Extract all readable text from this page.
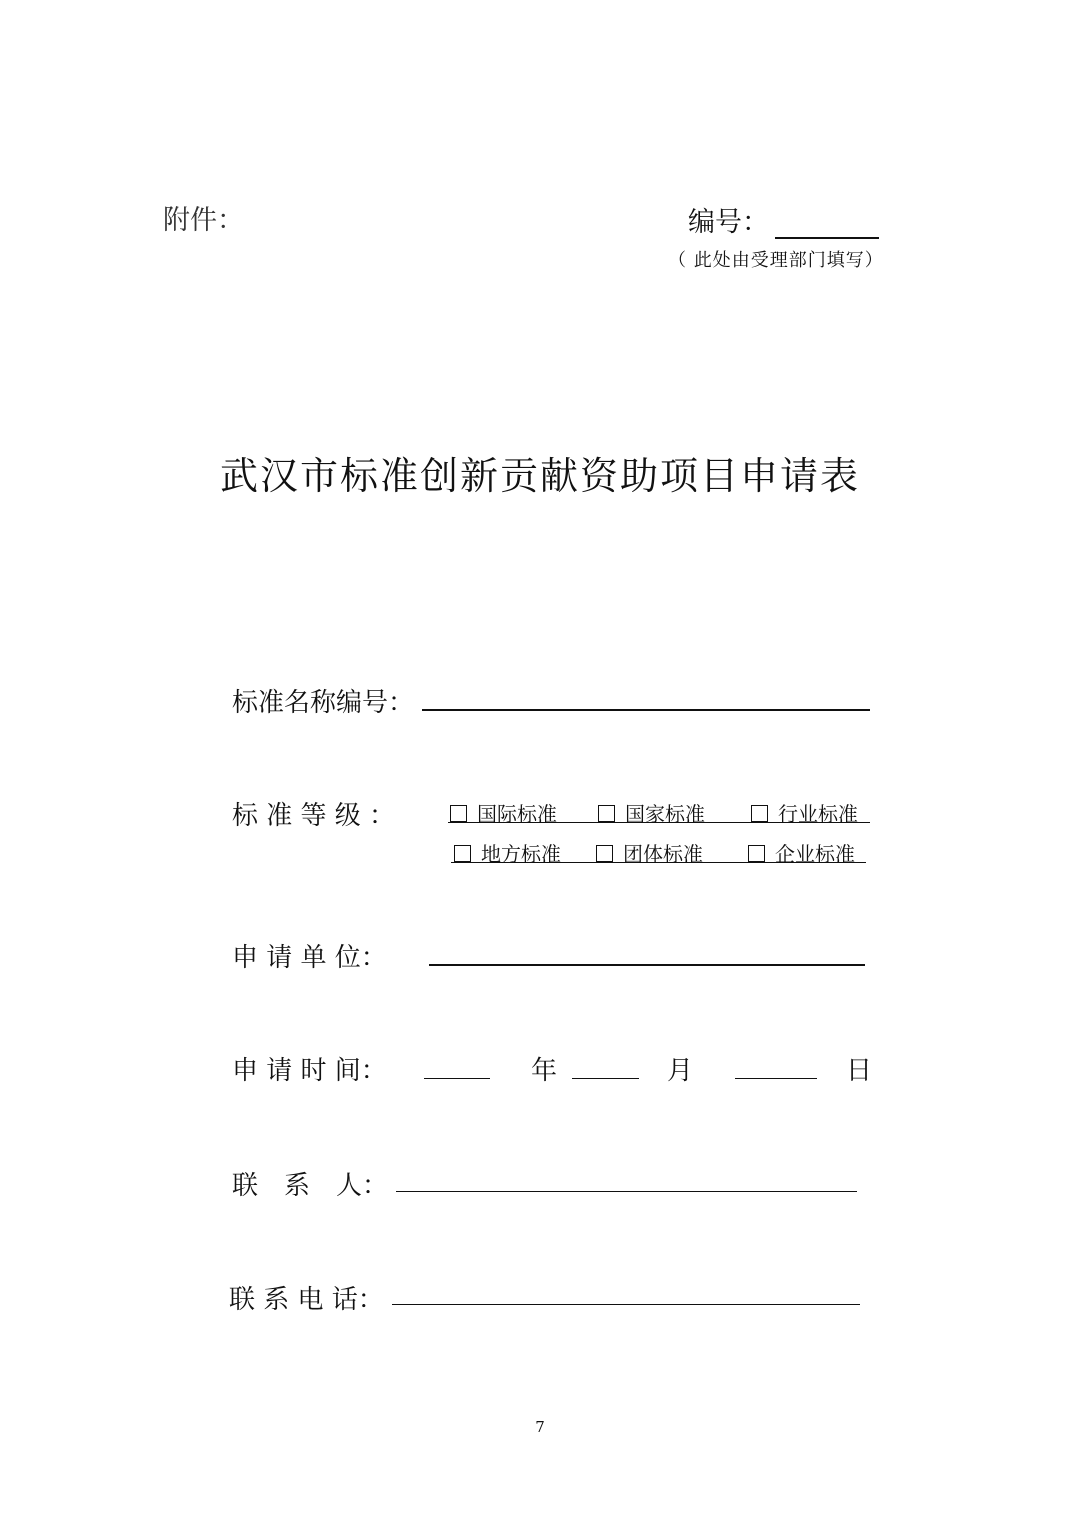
附件：	编号：
（ 此处由受理部门填写）
武汉市标准创新贡献资助项目申请表
标准名称编号：
标 准 等 级 ：	国际标准	国家标准	行业标准
地方标准	团体标准	企业标准
申 请 单 位：
申 请 时 间：	年	月	日
联　系　人：
联 系 电 话：
7
